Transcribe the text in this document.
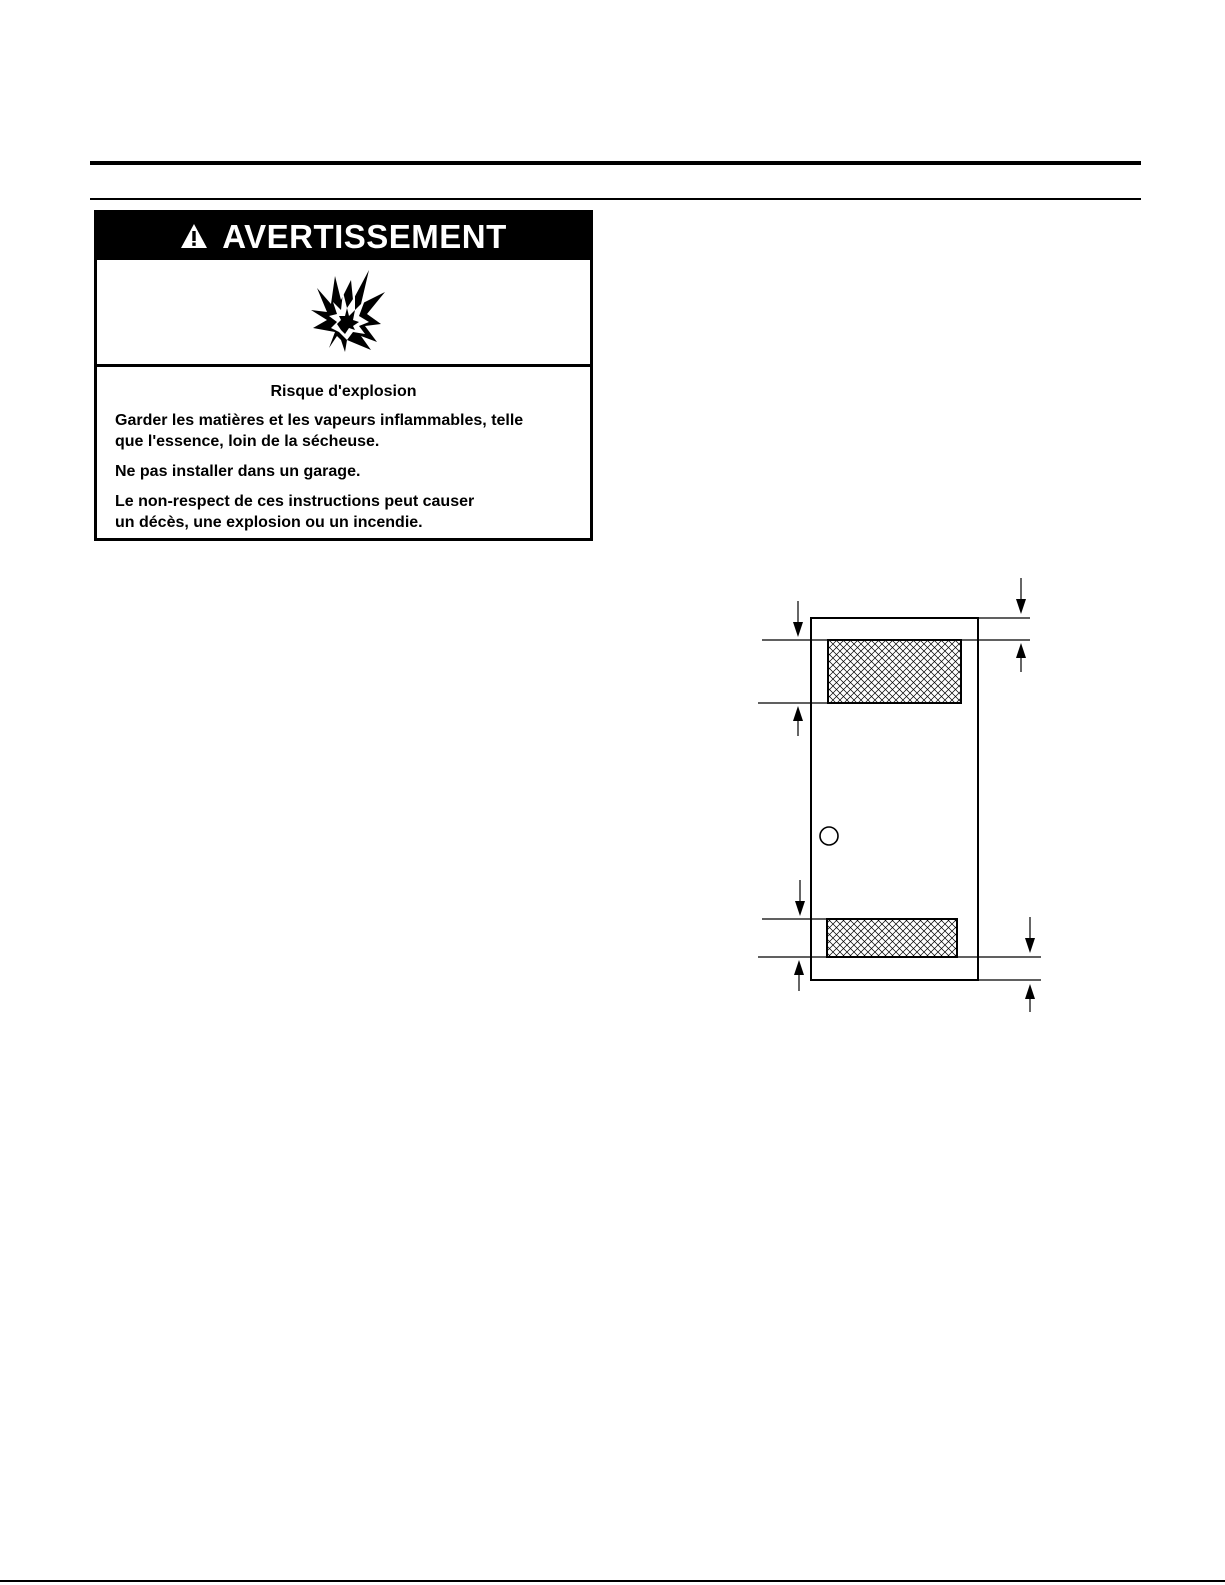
AVERTISSEMENT
Risque d'explosion
Garder les matières et les vapeurs inflammables, telle
que l'essence, loin de la sécheuse.
Ne pas installer dans un garage.
Le non-respect de ces instructions peut causer
un décès, une explosion ou un incendie.
